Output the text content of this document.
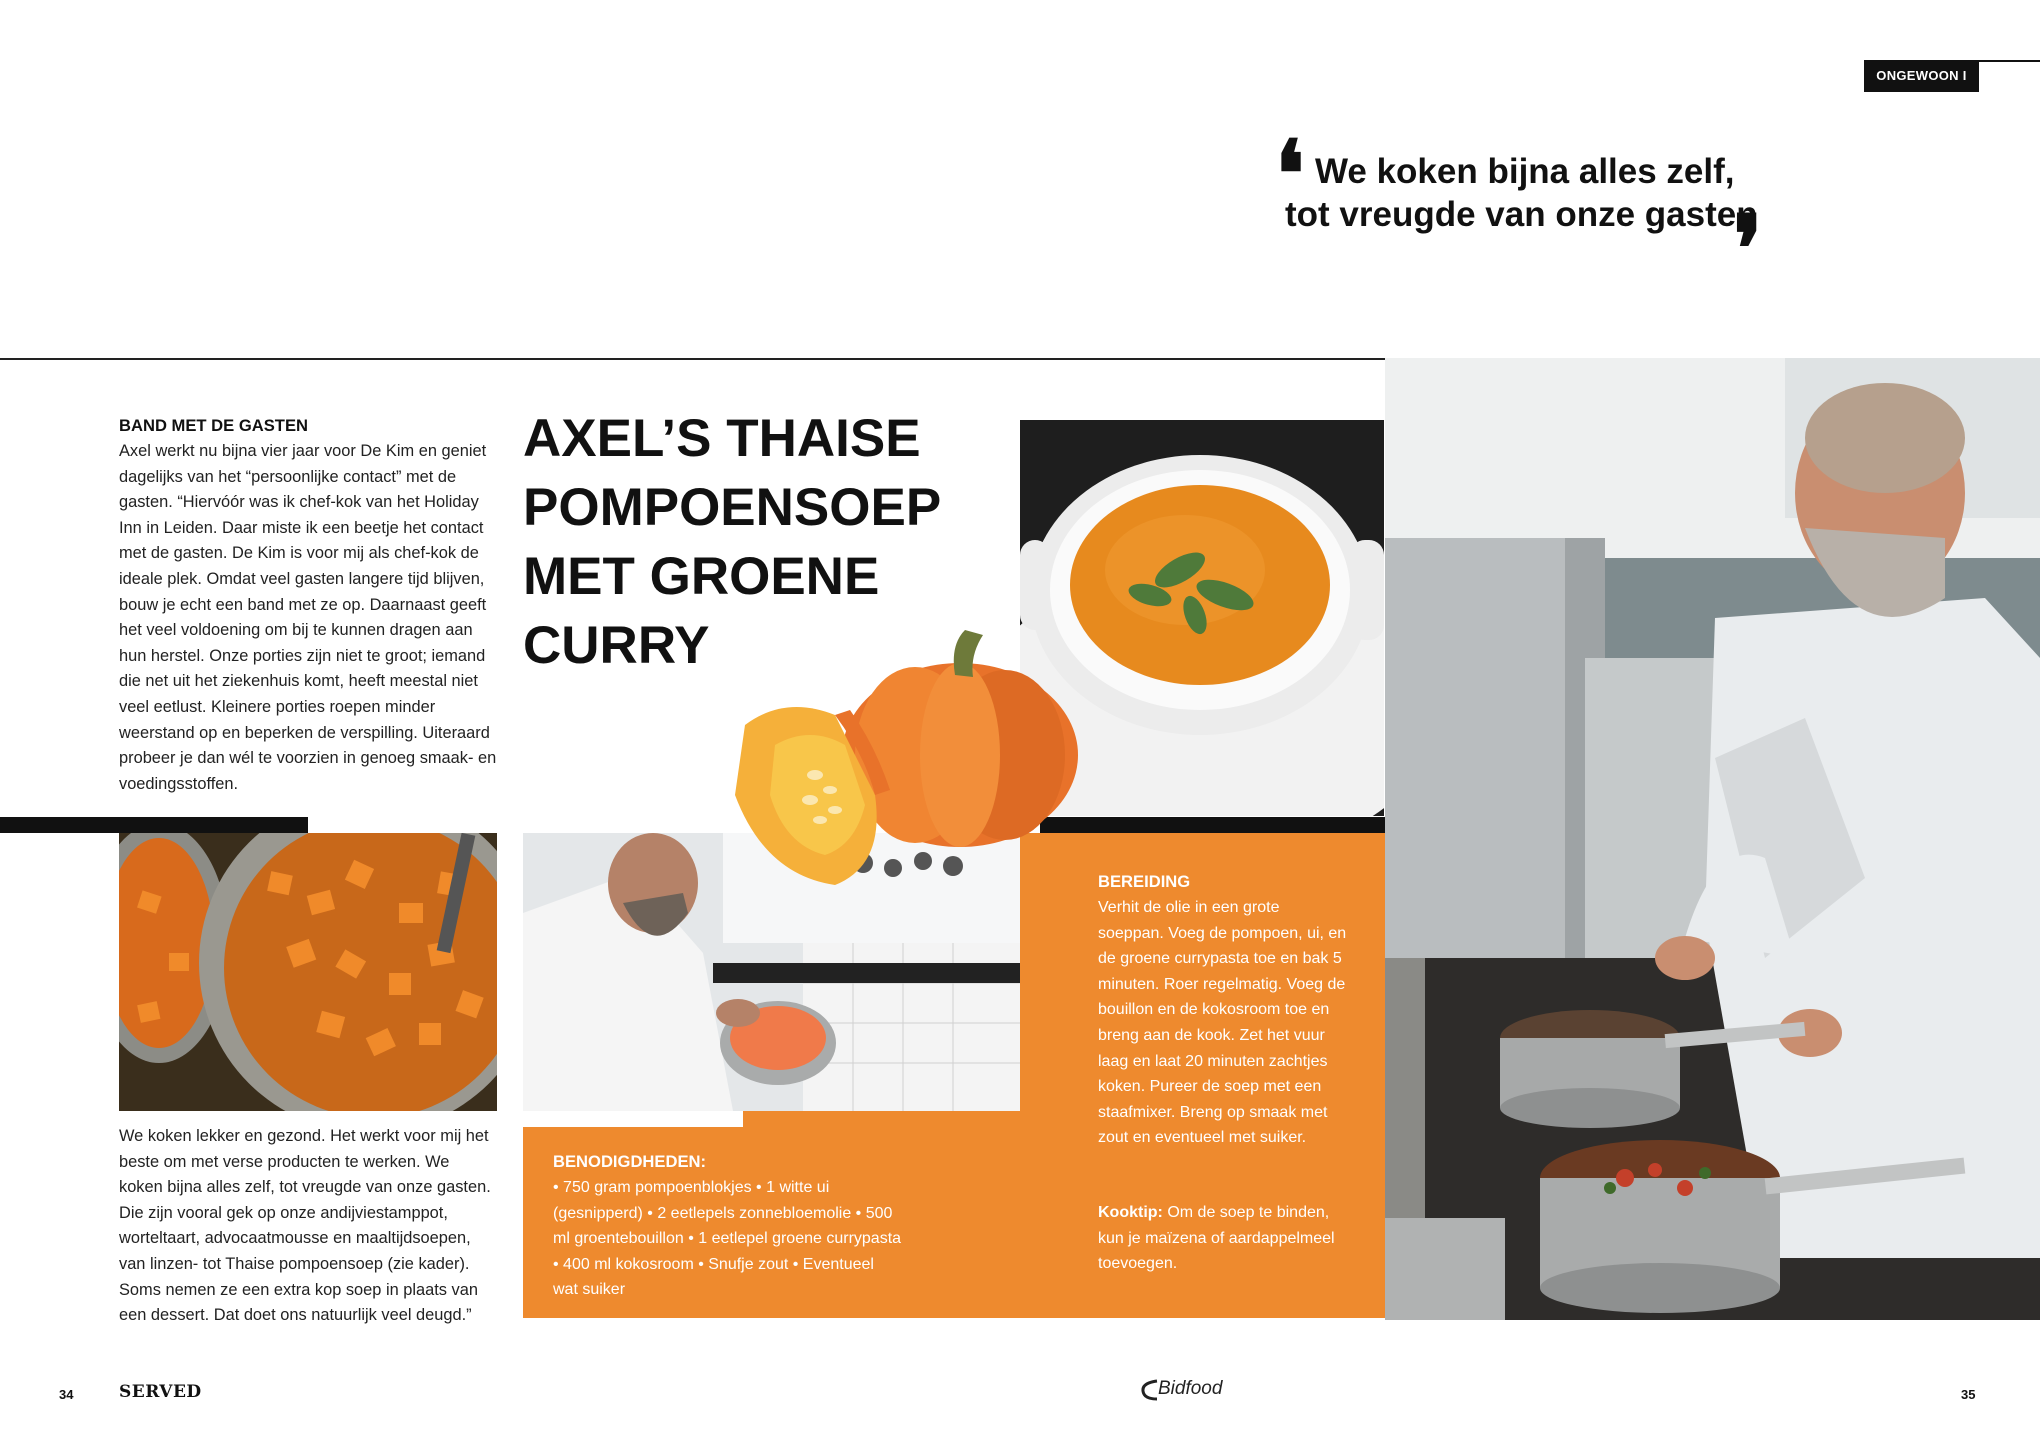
ONGEWOON I
❛ We koken bijna alles zelf,
tot vreugde van onze gasten
❜
BAND MET DE GASTEN
Axel werkt nu bijna vier jaar voor De Kim en geniet dagelijks van het “persoonlijke contact” met de gasten. “Hiervóór was ik chef-kok van het Holiday Inn in Leiden. Daar miste ik een beetje het contact met de gasten. De Kim is voor mij als chef-kok de ideale plek. Omdat veel gasten langere tijd blijven, bouw je echt een band met ze op. Daarnaast geeft het veel voldoening om bij te kunnen dragen aan hun herstel. Onze porties zijn niet te groot; iemand die net uit het ziekenhuis komt, heeft meestal niet veel eetlust. Kleinere porties roepen minder weerstand op en beperken de verspilling. Uiteraard probeer je dan wél te voorzien in genoeg smaak- en voedingsstoffen.
We koken lekker en gezond. Het werkt voor mij het beste om met verse producten te werken. We koken bijna alles zelf, tot vreugde van onze gasten. Die zijn vooral gek op onze andijviestamppot, worteltaart, advocaatmousse en maaltijdsoepen, van linzen- tot Thaise pompoensoep (zie kader). Soms nemen ze een extra kop soep in plaats van een dessert. Dat doet ons natuurlijk veel deugd.”
AXEL’S THAISE
POMPOENSOEP
MET GROENE
CURRY
BENODIGDHEDEN:
• 750 gram pompoenblokjes • 1 witte ui (gesnipperd) • 2 eetlepels zonnebloemolie • 500 ml groentebouillon • 1 eetlepel groene currypasta • 400 ml kokosroom • Snufje zout • Eventueel wat suiker
BEREIDING
Verhit de olie in een grote soeppan. Voeg de pompoen, ui, en de groene currypasta toe en bak 5 minuten. Roer regelmatig. Voeg de bouillon en de kokosroom toe en breng aan de kook. Zet het vuur laag en laat 20 minuten zachtjes koken. Pureer de soep met een staafmixer. Breng op smaak met zout en eventueel met suiker.
Kooktip: Om de soep te binden, kun je maïzena of aardappelmeel toevoegen.
34	SERVED	Bidfood	35
